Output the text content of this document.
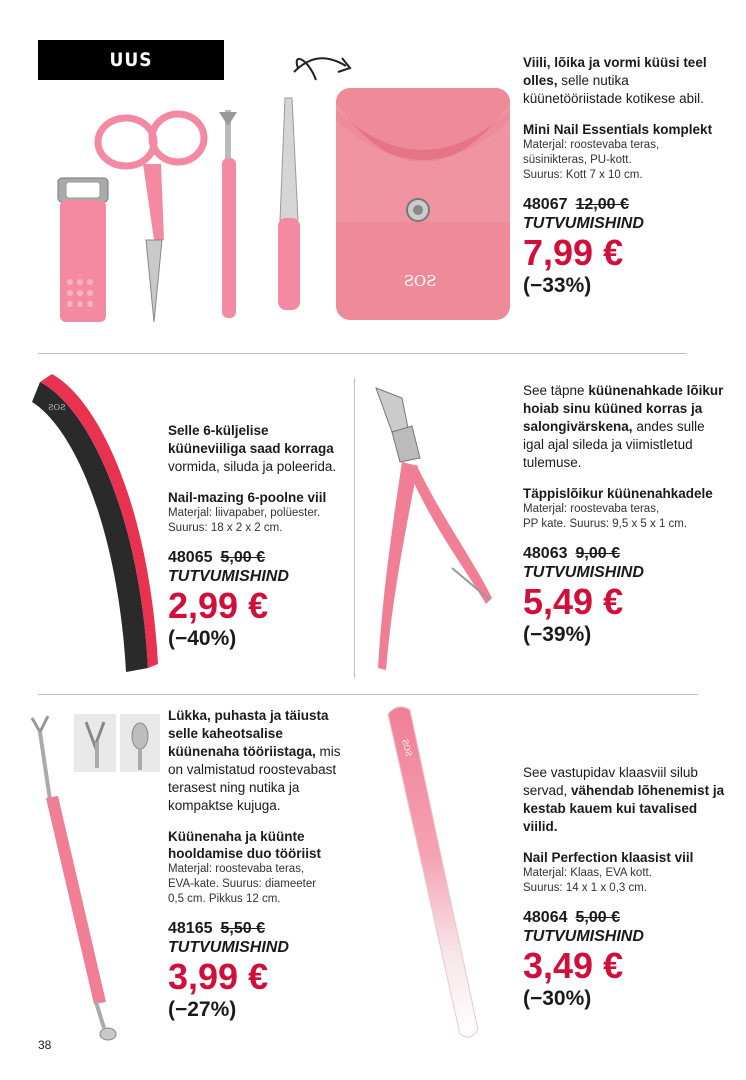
UUS
ƧOƧ
Viili, lõika ja vormi küüsi teel olles, selle nutika küünetööriistade kotikese abil.
Mini Nail Essentials komplekt
Materjal: roostevaba teras,
süsinikteras, PU-kott.
Suurus: Kott 7 x 10 cm.
48067 12,00 €
TUTVUMISHIND
7,99 €
(−33%)
ƧOƧ
Selle 6-küljelise küüneviiliga saad korraga vormida, siluda ja poleerida.
Nail-mazing 6-poolne viil
Materjal: liivapaber, polüester.
Suurus: 18 x 2 x 2 cm.
48065 5,00 €
TUTVUMISHIND
2,99 €
(−40%)
See täpne küünenahkade lõikur hoiab sinu küüned korras ja salongivärskena, andes sulle igal ajal sileda ja viimistletud tulemuse.
Täppislõikur küünenahkadele
Materjal: roostevaba teras,
PP kate. Suurus: 9,5 x 5 x 1 cm.
48063 9,00 €
TUTVUMISHIND
5,49 €
(−39%)
Lükka, puhasta ja täiusta selle kaheotsalise küünenaha tööriistaga, mis on valmistatud roostevabast terasest ning nutika ja kompaktse kujuga.
Küünenaha ja küünte hooldamise duo tööriist
Materjal: roostevaba teras,
EVA-kate. Suurus: diameeter
0,5 cm. Pikkus 12 cm.
48165 5,50 €
TUTVUMISHIND
3,99 €
(−27%)
ƧOƧ
See vastupidav klaasviil silub servad, vähendab lõhenemist ja kestab kauem kui tavalised viilid.
Nail Perfection klaasist viil
Materjal: Klaas, EVA kott.
Suurus: 14 x 1 x 0,3 cm.
48064 5,00 €
TUTVUMISHIND
3,49 €
(−30%)
38
